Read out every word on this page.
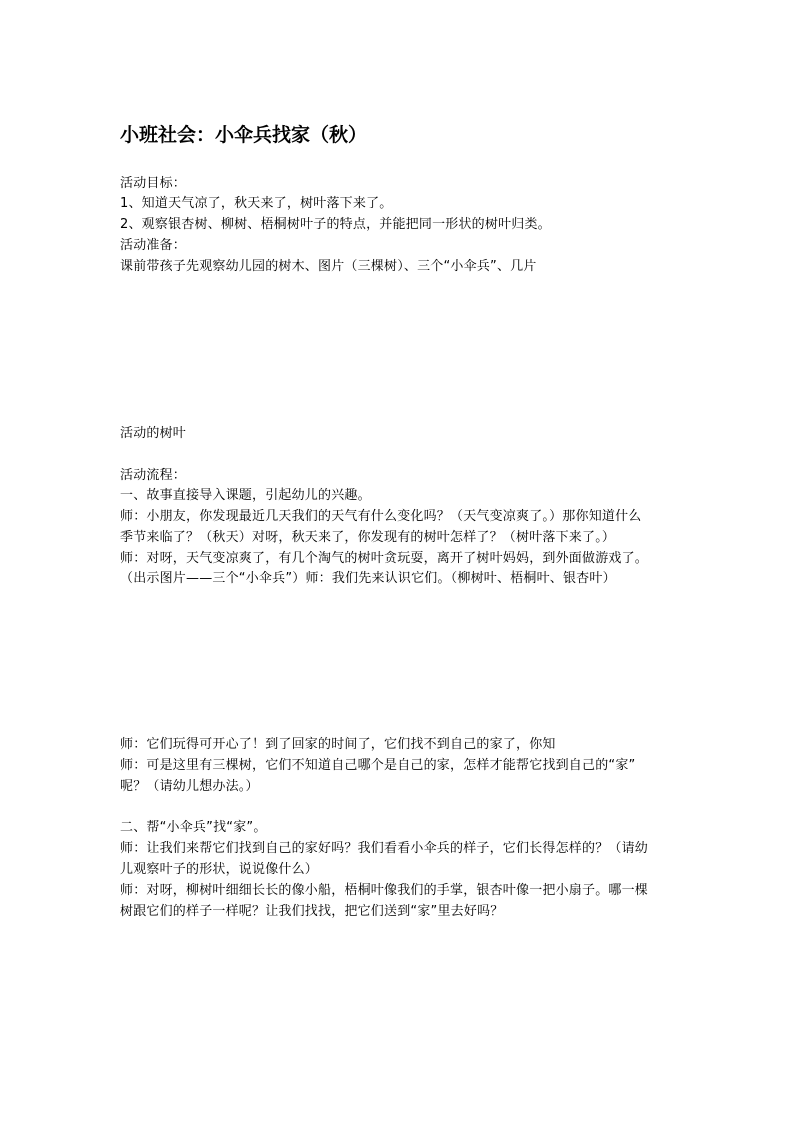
小班社会：小伞兵找家（秋）
活动目标：
1、知道天气凉了，秋天来了，树叶落下来了。
2、观察银杏树、柳树、梧桐树叶子的特点，并能把同一形状的树叶归类。
活动准备：
课前带孩子先观察幼儿园的树木、图片（三棵树）、三个“小伞兵”、几片
活动的树叶
活动流程：
一、故事直接导入课题，引起幼儿的兴趣。
师：小朋友，你发现最近几天我们的天气有什么变化吗？（天气变凉爽了。）那你知道什么
季节来临了？（秋天）对呀，秋天来了，你发现有的树叶怎样了？（树叶落下来了。）
师：对呀，天气变凉爽了，有几个淘气的树叶贪玩耍，离开了树叶妈妈，到外面做游戏了。
（出示图片——三个“小伞兵”）师：我们先来认识它们。（柳树叶、梧桐叶、银杏叶）
师：它们玩得可开心了！到了回家的时间了，它们找不到自己的家了，你知
师：可是这里有三棵树，它们不知道自己哪个是自己的家，怎样才能帮它找到自己的“家”
呢？（请幼儿想办法。）
二、帮“小伞兵”找“家”。
师：让我们来帮它们找到自己的家好吗？我们看看小伞兵的样子，它们长得怎样的？（请幼
儿观察叶子的形状，说说像什么）
师：对呀，柳树叶细细长长的像小船，梧桐叶像我们的手掌，银杏叶像一把小扇子。哪一棵
树跟它们的样子一样呢？让我们找找，把它们送到“家”里去好吗？
